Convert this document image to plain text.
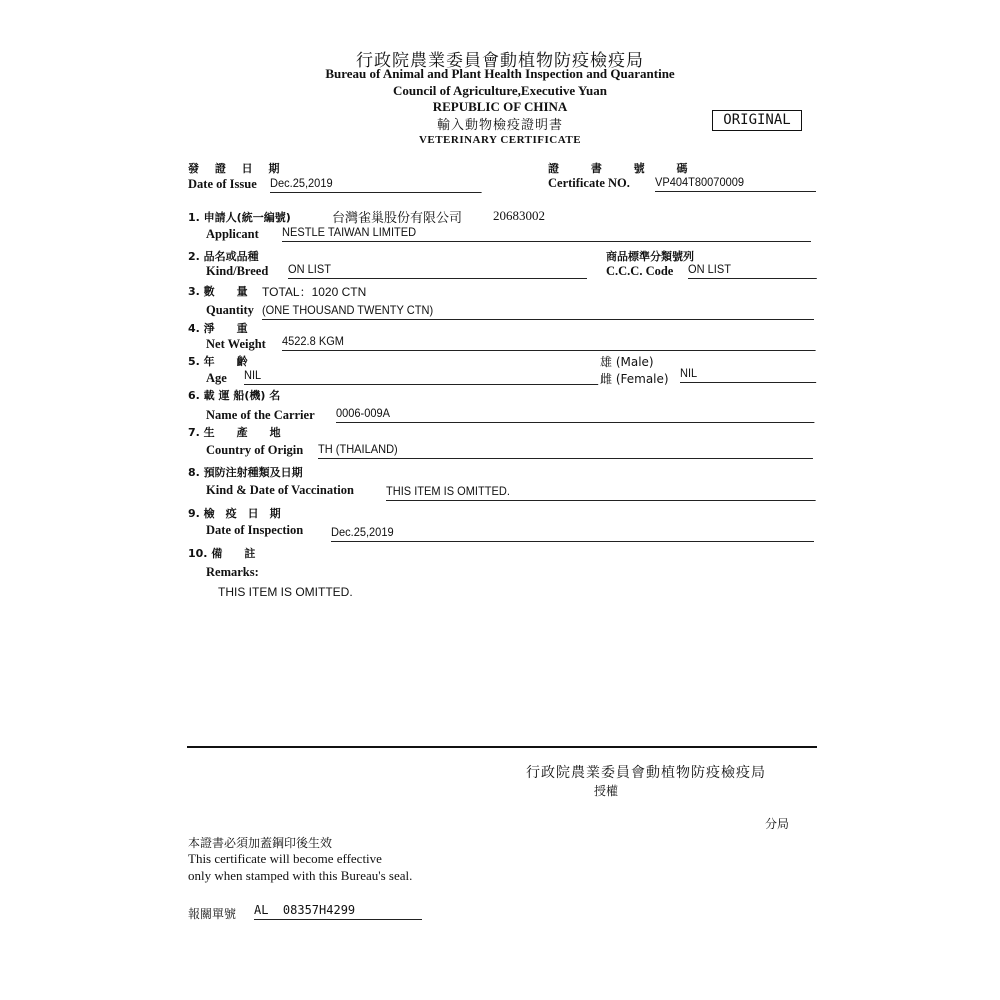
行政院農業委員會動植物防疫檢疫局
Bureau of Animal and Plant Health Inspection and Quarantine
Council of Agriculture,Executive Yuan
REPUBLIC OF CHINA
輸入動物檢疫證明書
VETERINARY CERTIFICATE
ORIGINAL
發 證 日 期
Date of Issue Dec.25,2019
證 書 號 碼
Certificate NO. VP404T80070009
1. 申請人(統一編號)	台灣雀巢股份有限公司 20683002
Applicant NESTLE TAIWAN LIMITED
2. 品名或品種
Kind/Breed ON LIST
商品標準分類號列
C.C.C. Code ON LIST
3. 數　　量 TOTAL：1020 CTN
Quantity (ONE THOUSAND TWENTY CTN)
4. 淨　　重
Net Weight 4522.8 KGM
5. 年　　齡
Age NIL
雄 (Male)
雌 (Female) NIL
6. 載 運 船(機) 名
Name of the Carrier 0006-009A
7. 生　　產　　地
Country of Origin TH (THAILAND)
8. 預防注射種類及日期
Kind & Date of Vaccination	THIS ITEM IS OMITTED.
9. 檢　疫　日　期
Date of Inspection Dec.25,2019
10. 備　　註
Remarks:
THIS ITEM IS OMITTED.
行政院農業委員會動植物防疫檢疫局
授權
分局
本證書必須加蓋鋼印後生效
This certificate will become effective
only when stamped with this Bureau's seal.
報關單號 AL  08357H4299
